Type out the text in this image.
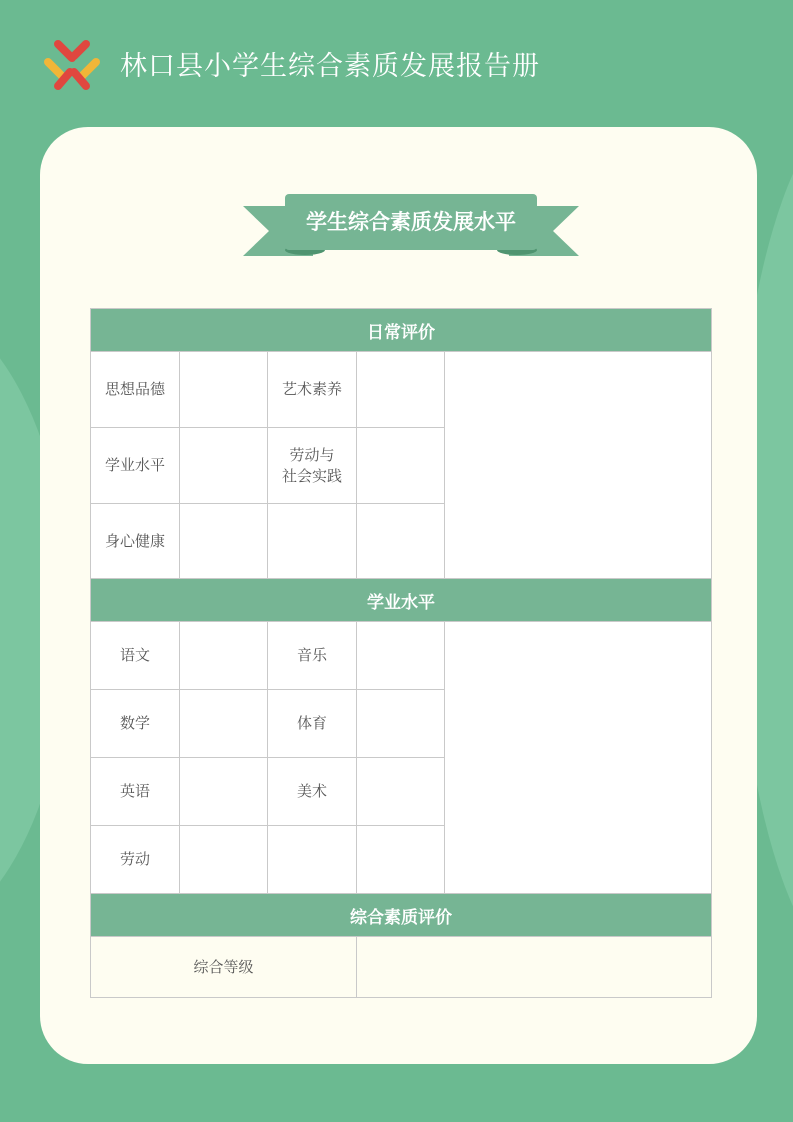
林口县小学生综合素质发展报告册
学生综合素质发展水平
日常评价				
思想品德		艺术素养		
学业水平		劳动与
社会实践		

身心健康				
学业水平				
语文		音乐		
数学		体育		
英语		美术		
劳动				
综合素质评价				
综合等级				
